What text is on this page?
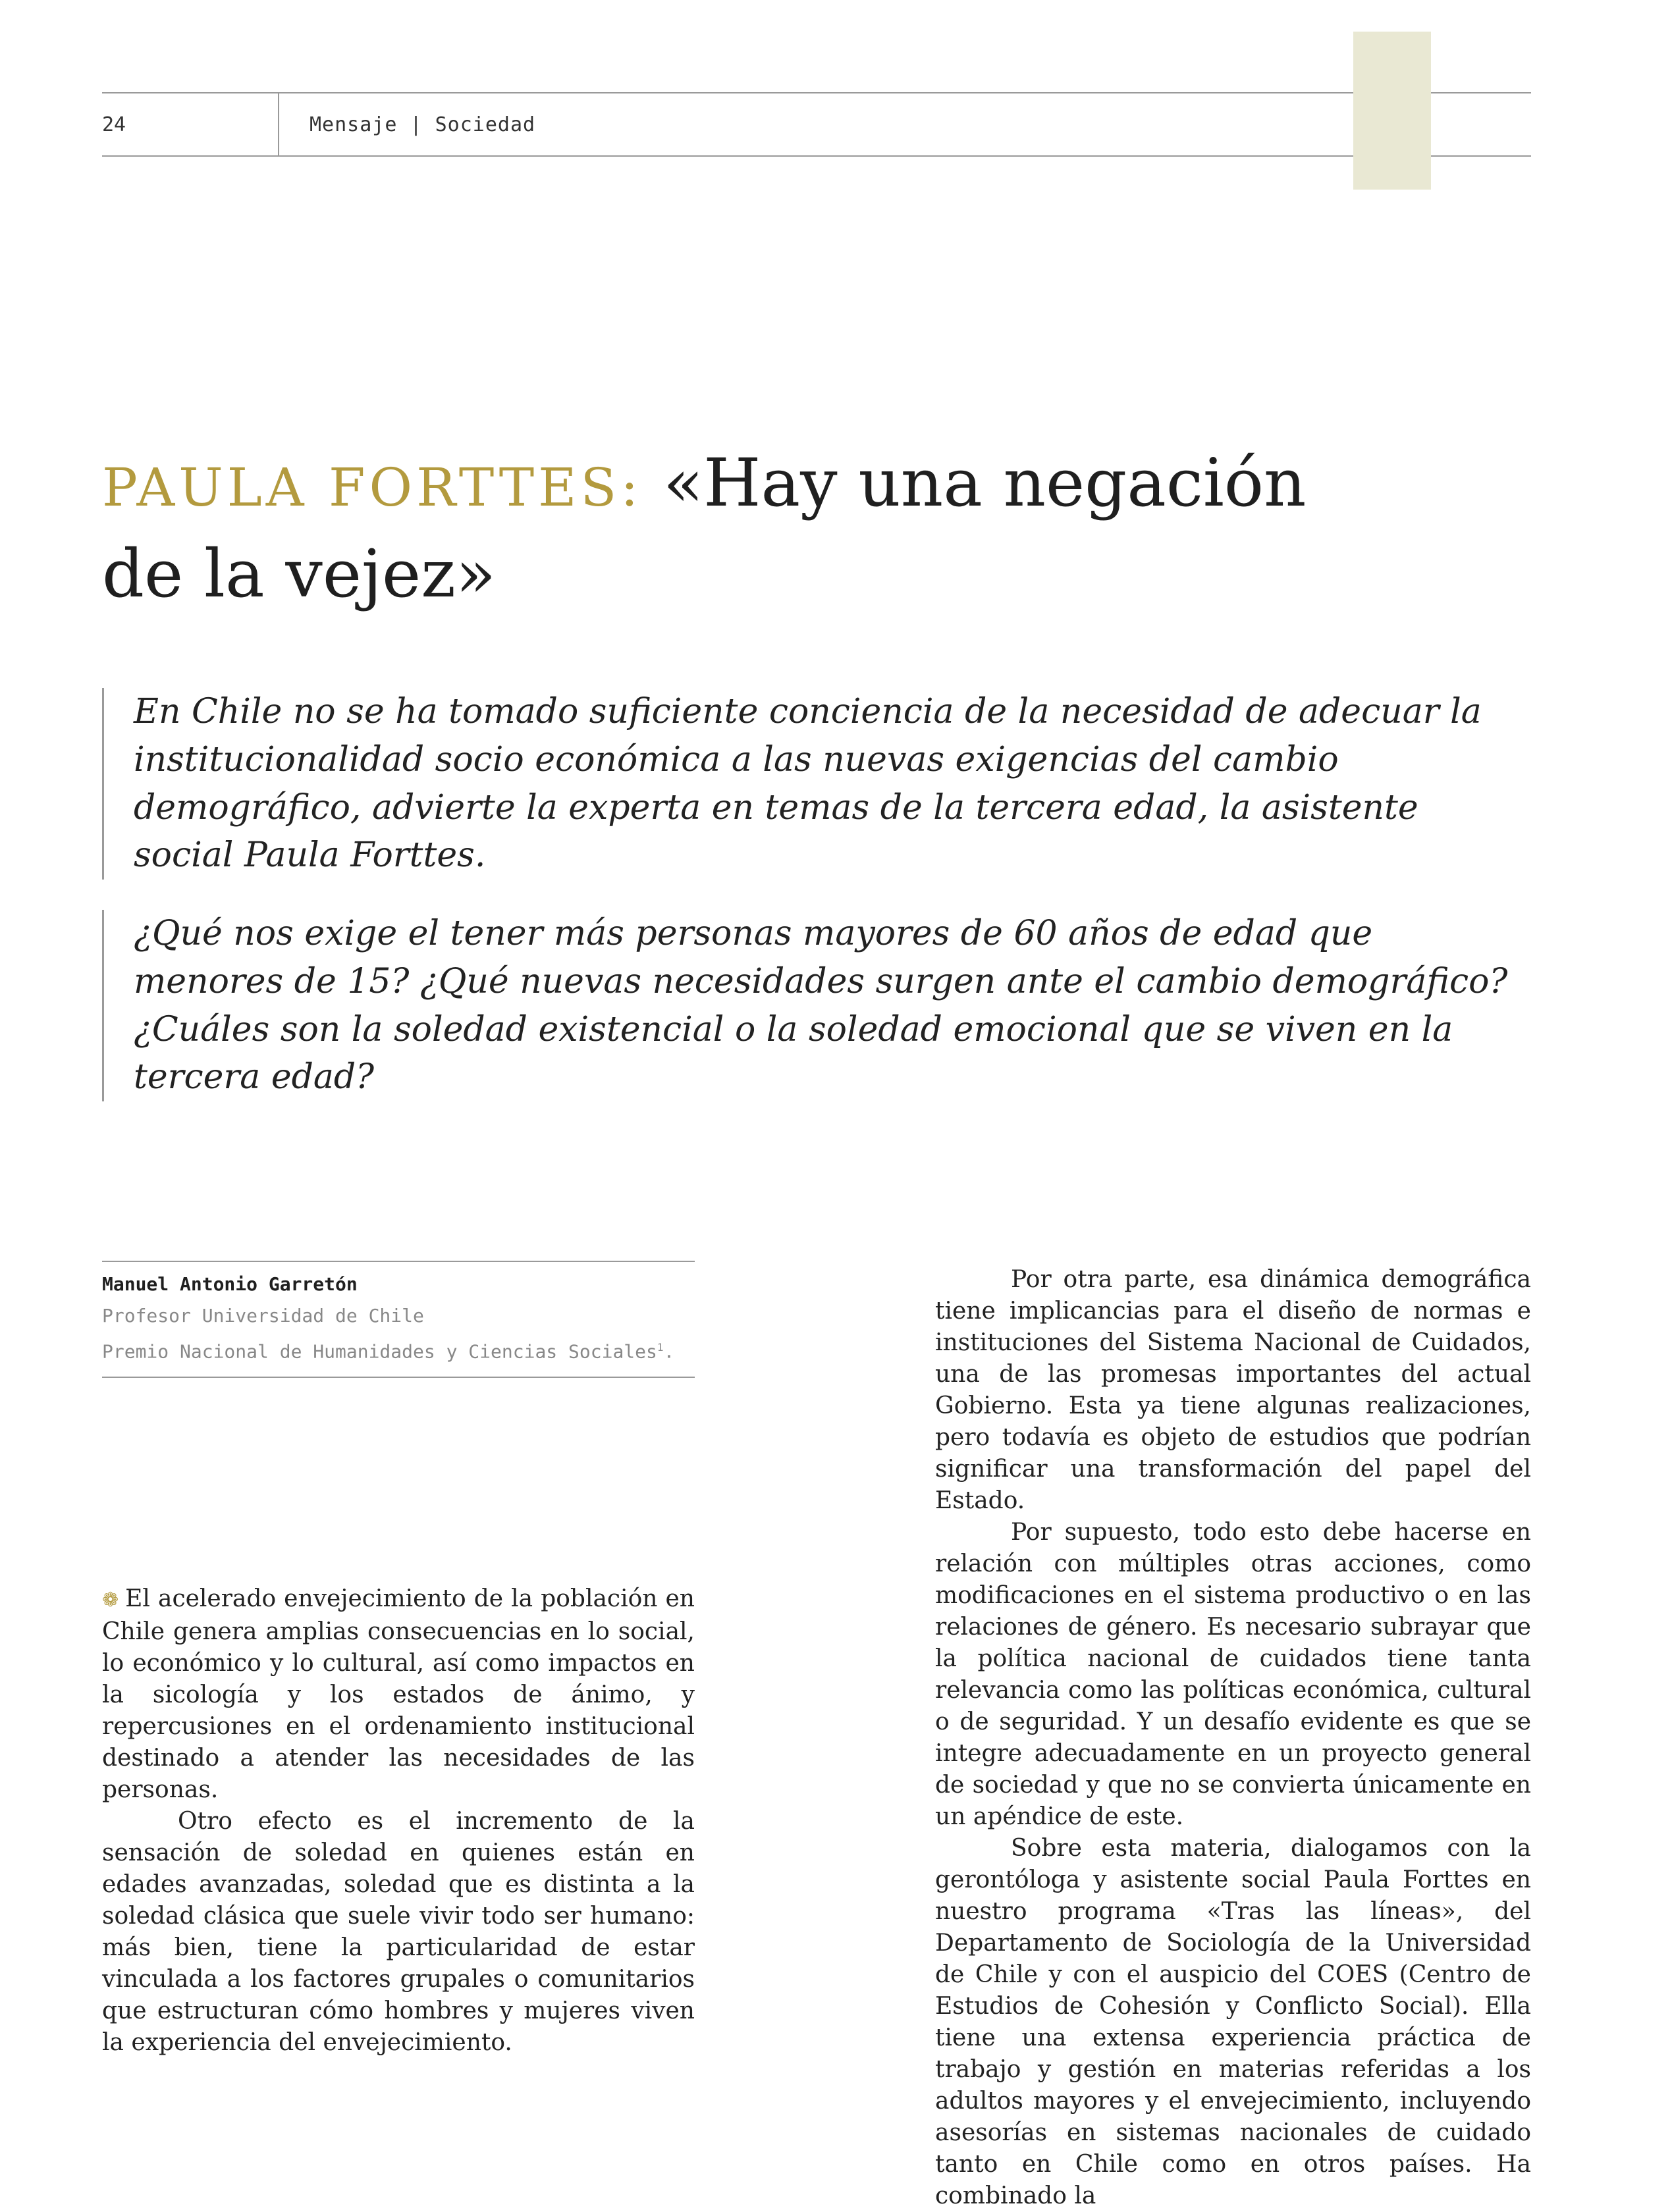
24	Mensaje | Sociedad
PAULA FORTTES: «Hay una negación
de la vejez»

En Chile no se ha tomado suficiente conciencia de la necesidad de adecuar la institucionalidad socio económica a las nuevas exigencias del cambio demográfico, advierte la experta en temas de la tercera edad, la asistente social Paula Forttes.

¿Qué nos exige el tener más personas mayores de 60 años de edad que menores de 15? ¿Qué nuevas necesidades surgen ante el cambio demográfico? ¿Cuáles son la soledad existencial o la soledad emocional que se viven en la tercera edad?

Manuel Antonio Garretón
Profesor Universidad de Chile
Premio Nacional de Humanidades y Ciencias Sociales$^1$.

❁ El acelerado envejecimiento de la población en Chile genera amplias consecuencias en lo social, lo económico y lo cultural, así como impactos en la sicología y los estados de ánimo, y repercusiones en el ordenamiento institucional destinado a atender las necesidades de las personas.

Otro efecto es el incremento de la sensación de soledad en quienes están en edades avanzadas, soledad que es distinta a la soledad clásica que suele vivir todo ser humano: más bien, tiene la particularidad de estar vinculada a los factores grupales o comunitarios que estructuran cómo hombres y mujeres viven la experiencia del envejecimiento.

Por otra parte, esa dinámica demográfica tiene implicancias para el diseño de normas e instituciones del Sistema Nacional de Cuidados, una de las promesas importantes del actual Gobierno. Esta ya tiene algunas realizaciones, pero todavía es objeto de estudios que podrían significar una transformación del papel del Estado.

Por supuesto, todo esto debe hacerse en relación con múltiples otras acciones, como modificaciones en el sistema productivo o en las relaciones de género. Es necesario subrayar que la política nacional de cuidados tiene tanta relevancia como las políticas económica, cultural o de seguridad. Y un desafío evidente es que se integre adecuadamente en un proyecto general de sociedad y que no se convierta únicamente en un apéndice de este.

Sobre esta materia, dialogamos con la gerontóloga y asistente social Paula Forttes en nuestro programa «Tras las líneas», del Departamento de Sociología de la Universidad de Chile y con el auspicio del COES (Centro de Estudios de Cohesión y Conflicto Social). Ella tiene una extensa experiencia práctica de trabajo y gestión en materias referidas a los adultos mayores y el envejecimiento, incluyendo asesorías en sistemas nacionales de cuidado tanto en Chile como en otros países. Ha combinado la
